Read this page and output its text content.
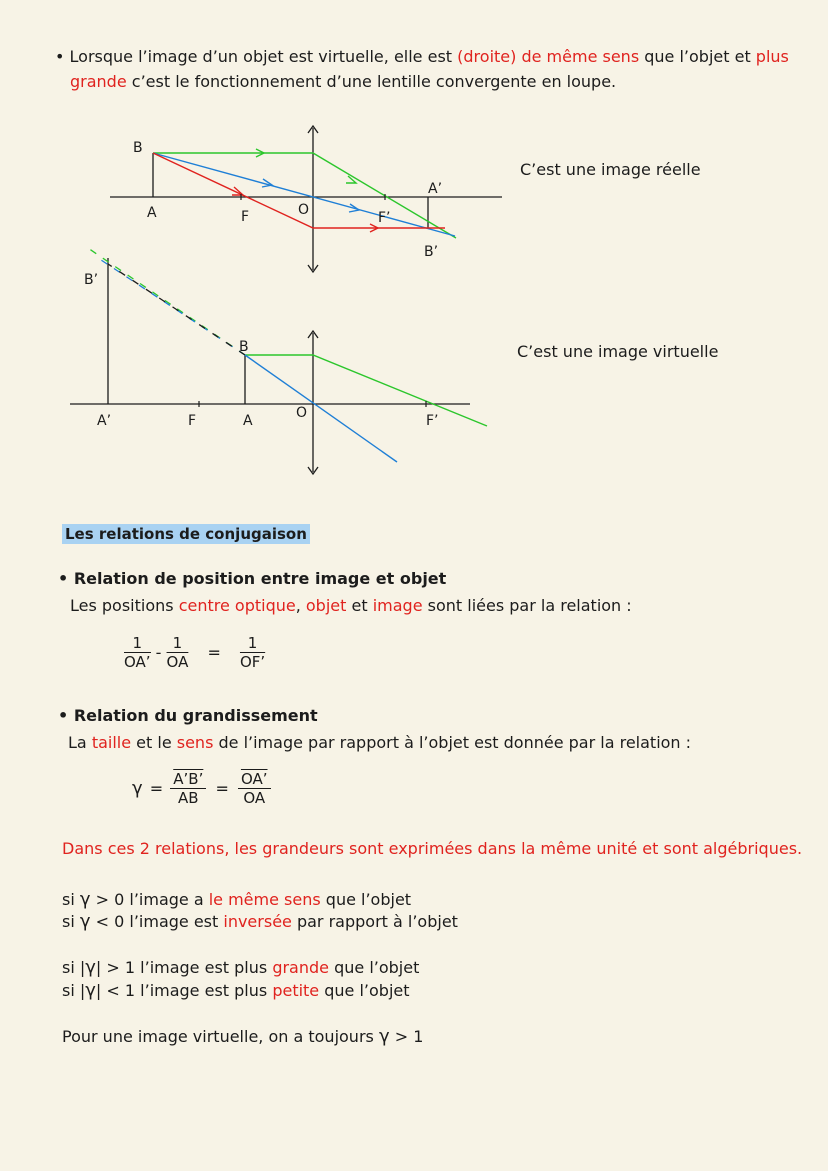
• Lorsque l’image d’un objet est virtuelle, elle est (droite) de même sens que l’objet et plus
grande c’est le fonctionnement d’une lentille convergente en loupe.
B
A	F	O	F’
A’
B’
C’est une image réelle
B’
A’	F	A
B
O	F’
C’est une image virtuelle
Les relations de conjugaison
• Relation de position entre image et objet
Les positions centre optique, objet et image sont liées par la relation :
$\frac{1}{OA’} - \frac{1}{OA} = \frac{1}{OF’}$
• Relation du grandissement
La taille et le sens de l’image par rapport à l’objet est donnée par la relation :
$\gamma = \frac{A’B’}{AB} = \frac{OA’}{OA}$
Dans ces 2 relations, les grandeurs sont exprimées dans la même unité et sont algébriques.
si γ > 0 l’image a le même sens que l’objet
si γ < 0 l’image est inversée par rapport à l’objet
si |γ| > 1 l’image est plus grande que l’objet
si |γ| < 1 l’image est plus petite que l’objet
Pour une image virtuelle, on a toujours γ > 1
